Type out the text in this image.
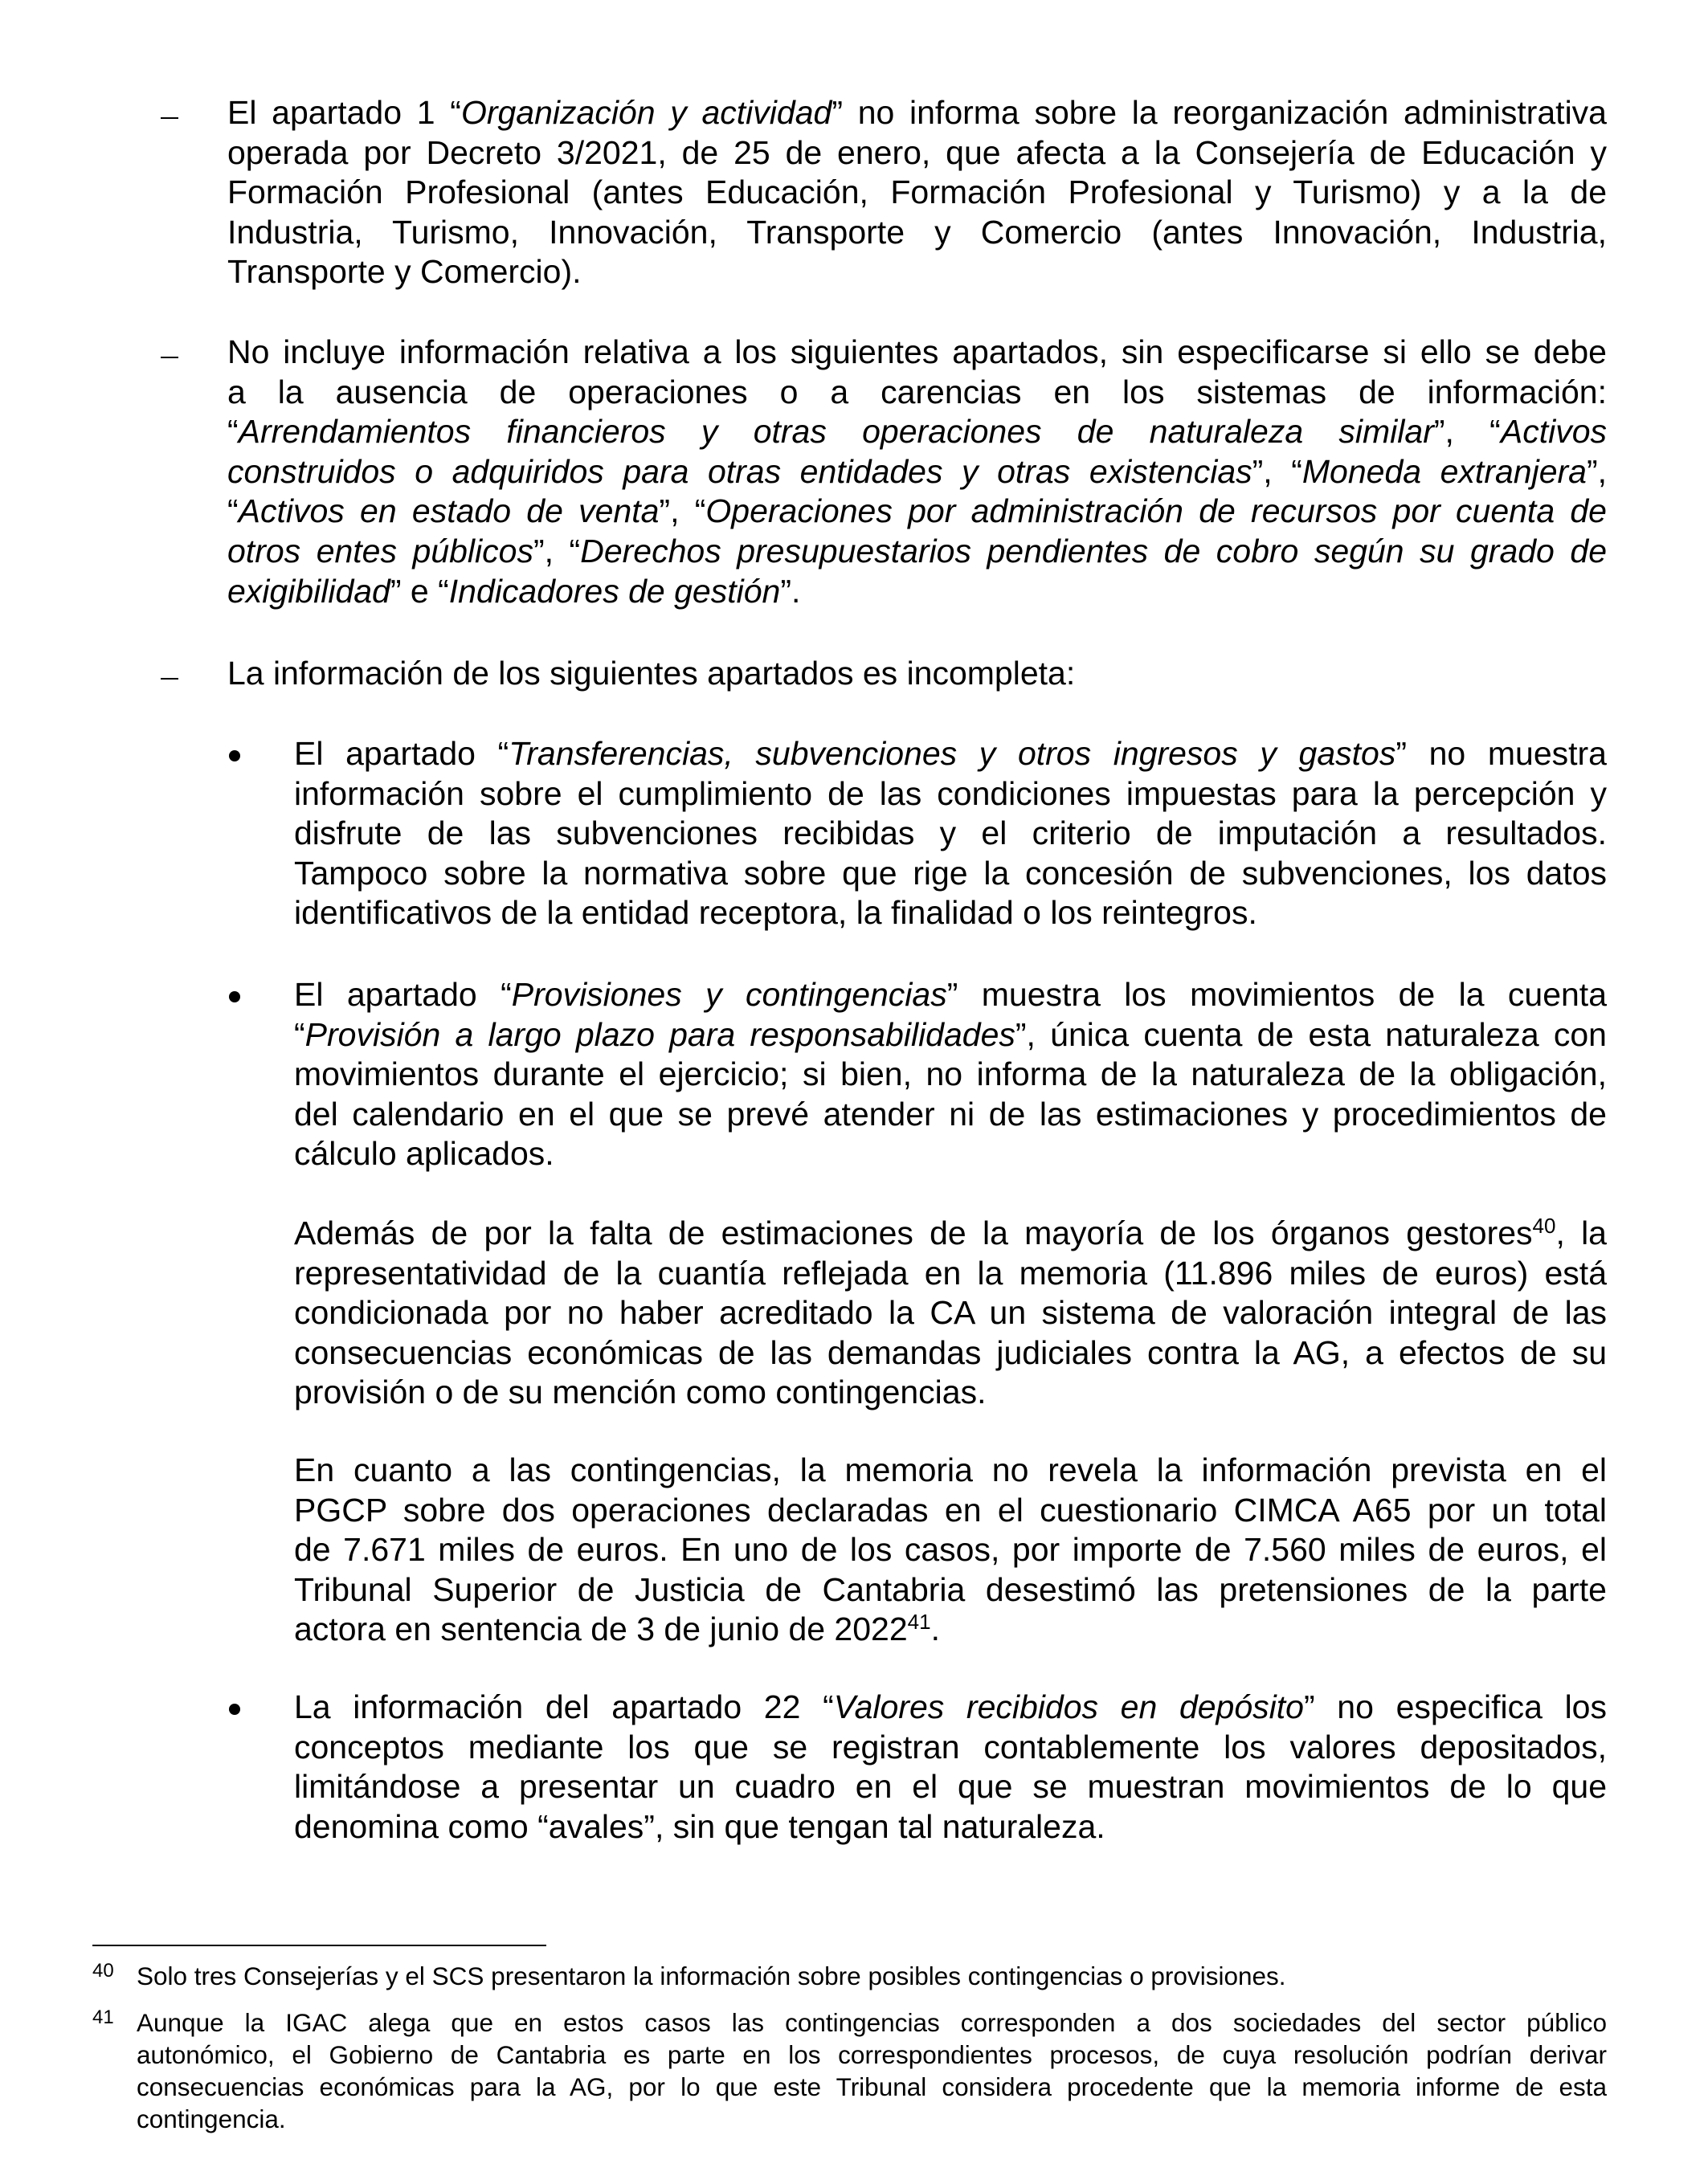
El apartado 1 “Organización y actividad” no informa sobre la reorganización administrativa
operada por Decreto 3/2021, de 25 de enero, que afecta a la Consejería de Educación y
Formación Profesional (antes Educación, Formación Profesional y Turismo) y a la de
Industria, Turismo, Innovación, Transporte y Comercio (antes Innovación, Industria,
Transporte y Comercio).
No incluye información relativa a los siguientes apartados, sin especificarse si ello se debe
a la ausencia de operaciones o a carencias en los sistemas de información:
“Arrendamientos financieros y otras operaciones de naturaleza similar”, “Activos
construidos o adquiridos para otras entidades y otras existencias”, “Moneda extranjera”,
“Activos en estado de venta”, “Operaciones por administración de recursos por cuenta de
otros entes públicos”, “Derechos presupuestarios pendientes de cobro según su grado de
exigibilidad” e “Indicadores de gestión”.
La información de los siguientes apartados es incompleta:
El apartado “Transferencias, subvenciones y otros ingresos y gastos” no muestra
información sobre el cumplimiento de las condiciones impuestas para la percepción y
disfrute de las subvenciones recibidas y el criterio de imputación a resultados.
Tampoco sobre la normativa sobre que rige la concesión de subvenciones, los datos
identificativos de la entidad receptora, la finalidad o los reintegros.
El apartado “Provisiones y contingencias” muestra los movimientos de la cuenta
“Provisión a largo plazo para responsabilidades”, única cuenta de esta naturaleza con
movimientos durante el ejercicio; si bien, no informa de la naturaleza de la obligación,
del calendario en el que se prevé atender ni de las estimaciones y procedimientos de
cálculo aplicados.
Además de por la falta de estimaciones de la mayoría de los órganos gestores$^{40}$, la
representatividad de la cuantía reflejada en la memoria (11.896 miles de euros) está
condicionada por no haber acreditado la CA un sistema de valoración integral de las
consecuencias económicas de las demandas judiciales contra la AG, a efectos de su
provisión o de su mención como contingencias.
En cuanto a las contingencias, la memoria no revela la información prevista en el
PGCP sobre dos operaciones declaradas en el cuestionario CIMCA A65 por un total
de 7.671 miles de euros. En uno de los casos, por importe de 7.560 miles de euros, el
Tribunal Superior de Justicia de Cantabria desestimó las pretensiones de la parte
actora en sentencia de 3 de junio de 2022$^{41}$.
La información del apartado 22 “Valores recibidos en depósito” no especifica los
conceptos mediante los que se registran contablemente los valores depositados,
limitándose a presentar un cuadro en el que se muestran movimientos de lo que
denomina como “avales”, sin que tengan tal naturaleza.
40 Solo tres Consejerías y el SCS presentaron la información sobre posibles contingencias o provisiones.
41 Aunque la IGAC alega que en estos casos las contingencias corresponden a dos sociedades del sector público
autonómico, el Gobierno de Cantabria es parte en los correspondientes procesos, de cuya resolución podrían derivar
consecuencias económicas para la AG, por lo que este Tribunal considera procedente que la memoria informe de esta
contingencia.
